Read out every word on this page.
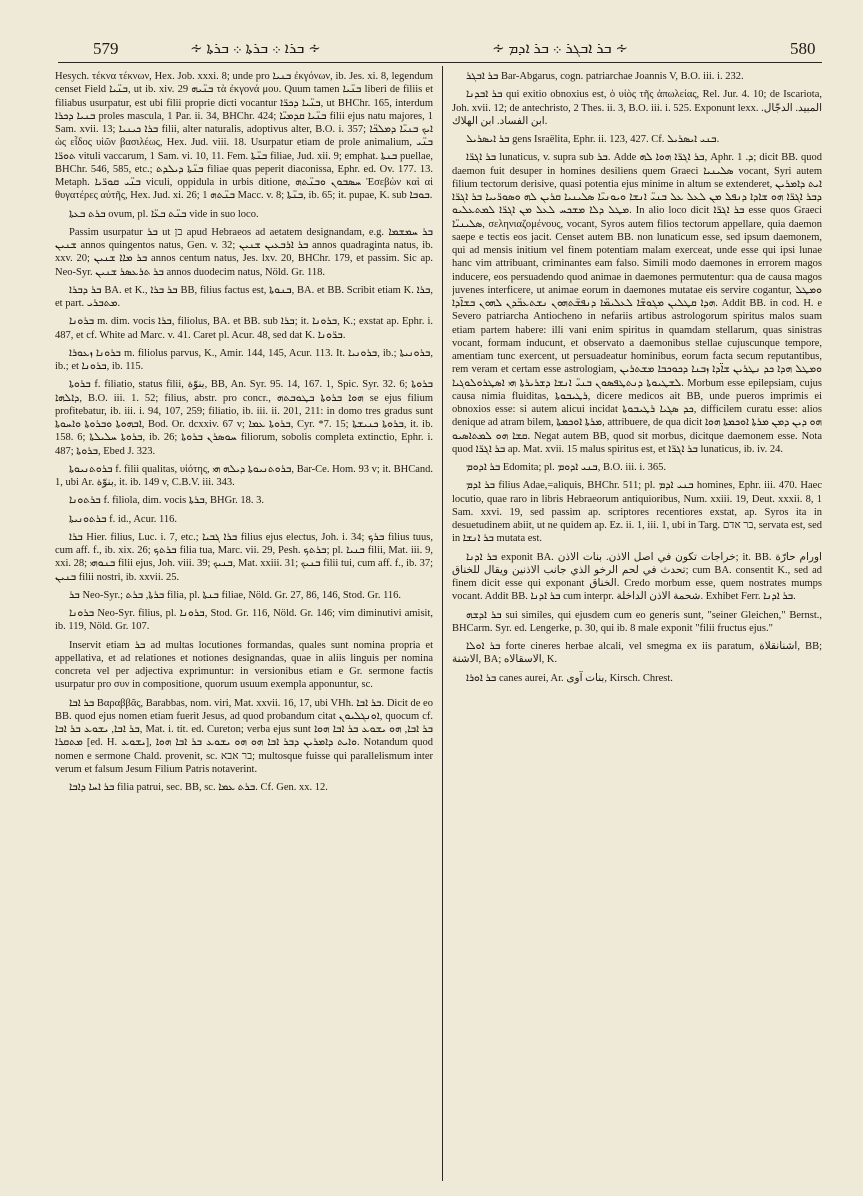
579	∻ ܒܪܐ ܀ ܒܪܬܐ ܀ ܒܪܬܐ ∻	∻ ܒܪ ܐܒܓܪ ܀ ܒܪ ܐܕܡ ∻	580

Hesych. τέκνα τέκνων, Hex. Job. xxxi. 8; unde pro ܒܢܝܐ ἐκγόνων, ib. Jes. xi. 8, legendum censet Field ܒܢ̈ܝܐ, ut ib. xiv. 29 ܒܢ̈ܝܗ τὰ ἐκγονά μου. Quum tamen ܒܢ̈ܝܐ liberi de filiis et filiabus usurpatur, est ubi filii proprie dicti vocantur ܒܢ̈ܝܐ ܕܟܪ̈ܐ, ut BHChr. 165, interdum ܒܢܝܐ ܕܟܪܐ proles mascula, 1 Par. ii. 34, BHChr. 424; ܒܢ̈ܝܐ ܩܕܡܝ̈ܐ filii ejus natu majores, 1 Sam. xvii. 13; ܒܪܐ ܟܝܢܝܐ filii, alter naturalis, adoptivus alter, B.O. i. 357; ܐܝܟ ܒܢܝ̈ܐ ܕܡܠܟ̈ܐ ὡς εἶδος υἱῶν βασιλέως, Hex. Jud. viii. 18. Usurpatur etiam de prole animalium, ܒܢ̈ܝ ܬܘܪ̈ܐ vituli vaccarum, 1 Sam. vi. 10, 11. Fem. ܒܢ̈ܬܐ filiae, Jud. xii. 9; emphat. ܒܢܬܐ puellae, BHChr. 546, 585, etc.; ܒܢ̈ܬܐ ܕܝܠܕܬ filiae quas peperit diaconissa, Ephr. ed. Ov. 177. 13. Metaph. ܒܢ̈ܝ ܩܘܪ̈ܝܐ viculi, oppidula in urbis ditione, ܚܣܒܘܢ ܘܒܢ̈ܬܗ Ἐσεβὼν καὶ αἱ θυγατέρες αὐτῆς, Hex. Jud. xi. 26; ܒܢ̈ܬܗ 1 Macc. v. 8; ܒܢ̈ܬܐ, ib. 65; it. pupae, K. sub ܒܘܒܐ.

ܒܪܬ ܒܥܬܐ ovum, pl. ܒܢ̈ܬ ܒܥ̈ܐ vide in suo loco.

Passim usurpatur ܒܪ ut בן apud Hebraeos ad aetatem designandam, e.g. ܒܪ ܚܡܫܡܐ ܫܢܝܢ annos quingentos natus, Gen. v. 32; ܒܪ ܐܪܒܥܝܢ ܫܢܝܢ annos quadraginta natus, ib. xxv. 20; ܒܪ ܡܐܐ ܫܢܝܢ annos centum natus, Jes. lxv. 20, BHChr. 179, et passim. Sic ap. Neo-Syr. ܒܪ ܬܪܥܣܪ ܫܢܝܢ annos duodecim natus, Nöld. Gr. 118.

ܒܪ ܕܒܪܐ BA. et K., ܒܪ ܒܪܐ BB, filius factus est, ܒܢܘܬܐ, BA. et BB. Scribit etiam K. ܒܪܐ, et part. ܡܬܒܪܝ.

ܒܪܘܢܐ m. dim. vocis ܒܪܐ, filiolus, BA. et BB. sub ܒܪܐ; it. ܒܪܘܢܐ, K.; exstat ap. Ephr. i. 487, et cf. White ad Marc. v. 41. Caret pl. Acur. 48, sed dat K. ܒܪ̈ܘܢܐ.

ܒܪܘܢܐ ܙܥܘܪܐ m. filiolus parvus, K., Amir. 144, 145, Acur. 113. It. ܒܪܘܢܝܐ, ib.; ܒܪܘܢܝܬܐ, ib.; et ܒܪܘܢܐ, ib. 115.

ܒܪܘܬܐ f. filiatio, status filii, بنوّة, BB, An. Syr. 95. 14, 167. 1, Spic. Syr. 32. 6; ܒܪܘܬܐ ܕܐܠܗܐ, B.O. iii. 1. 52; filius, abstr. pro concr., ܗܘܐ ܒܪܘܬܐ ܒܛܘܒܬܗ se ejus filium profitebatur, ib. iii. i. 94, 107, 259; filiatio, ib. iii. ii. 201, 211: in domo tres gradus sunt ܐܒܗܘܬܐ ܘܒܪܘܬܐ ܘܐܚܘܬܐ, Bod. Or. dcxxiv. 67 v; ܒܪܘܬܐ ܥܡܐ, Cyr. *7. 15; ܒܪܘܬܐ ܟܢܝܫܬܐ, it. ib. 158. 6; ܒܪܘܬܐ ܚܠܝܠܬܐ, ib. 26; ܚܘܣܪܢ ܒܪܘܬܐ filiorum, sobolis completa extinctio, Ephr. i. 487; ܒܪܘܬܐ, Ebed J. 323.

ܒܪܘܬܢܝܘܬܐ f. filii qualitas, υἱότης, ܒܪܘܬܢܝܘܬܐ ܕܝܠܗ ܗܝ, Bar-Ce. Hom. 93 v; it. BHCand. 1, ubi Ar. بنوّة, it. ib. 149 v, C.B.V. iii. 343.

ܒܪܬܘܢܐ f. filiola, dim. vocis ܒܪܬܐ, BHGr. 18. 3.

ܒܪܬܘܢܝܬܐ f. id., Acur. 116.

ܒܪܐ Hier. filius, Luc. i. 7, etc.; ܒܪܐ ܓܒܝܐ filius ejus electus, Joh. i. 34; ܒܪܟ filius tuus, cum aff. f., ib. xix. 26; ܒܪܬܟ filia tua, Marc. vii. 29, Pesh. ܒܪܬܟ; pl. ܒܢܝܐ filii, Mat. iii. 9, xxi. 28; ܒܢܘܗܝ filii ejus, Joh. viii. 39; ܒܢܝܟ, Mat. xxiii. 31; ܒܢܝܟ filii tui, cum aff. f., ib. 37; ܒܢܝܢ filii nostri, ib. xxvii. 25.

ܒܪ Neo-Syr.; ܒܪܬܐ, ܒܪܬ filia, pl. ܒܢܬܐ filiae, Nöld. Gr. 27, 86, 146, Stod. Gr. 116.

ܒܪܘܢܐ Neo-Syr. filius, pl. ܒܪܘܢܐ, Stod. Gr. 116, Nöld. Gr. 146; vim diminutivi amisit, ib. 119, Nöld. Gr. 107.

Inservit etiam ܒܪ ad multas locutiones formandas, quales sunt nomina propria et appellativa, et ad relationes et notiones designandas, quae in aliis linguis per nomina concreta vel per adjectiva exprimuntur: in versionibus etiam e Gr. sermone factis usurpatur pro συν in compositione, quorum usuum exempla apponuntur, sc.

ܒܪ ܐܒܐ Βαραββᾶς, Barabbas, nom. viri, Mat. xxvii. 16, 17, ubi VHh. ܒܪ ܐܒܐ. Dicit de eo BB. quod ejus nomen etiam fuerit Jesus, ad quod probandum citat ܐܘܢܓܠܝܘܢ, quocum cf. ܒܪ ܐܒܐ, ܝܫܘܥ ܒܪ ܐܒܐ, Mat. i. tit. ed. Cureton; verba ejus sunt ܒܪ ܐܒܐ, ܗܘ ܝܫܘܥ ܒܪ ܐܒܐ ܗܘܐ ܡܬܩܪܐ [ed. H. ܝܫܘܥ], ܘܐܝܬ ܕܐܡܪܝܢ ܕܒܪ ܐܒܐ ܗܘ ܗܘ ܝܫܘܥ ܒܪ ܐܒܐ ܗܘܐ. Notandum quod nomen e sermone Chald. provenit, sc. בר אבא; multosque fuisse qui parallelismum inter verum et falsum Jesum Filium Patris notaverint.

ܒܪ ܐܚܐ ܕܐܒܐ filia patrui, sec. BB, sc. ܒܪܬ ܥܡܐ. Cf. Gen. xx. 12.

ܒܪ ܐܒܓܪ Bar-Abgarus, cogn. patriarchae Joannis V, B.O. iii. i. 232.

ܒܪ ܐܒܕܢܐ qui exitio obnoxius est, ὁ υἱὸς τῆς ἀπωλείας, Rel. Jur. 4. 10; de Iscariota, Joh. xvii. 12; de antechristo, 2 Thes. ii. 3, B.O. iii. i. 525. Exponunt lexx. المبيد. الدجّال. ابن الفساد. ابن الهلاك.

ܒܪ ܐܝܣܪܝܠ gens Israëlita, Ephr. ii. 123, 427. Cf. ܒܢܝ ܐܝܣܪܝܠ.

ܒܪ ܐܓܪ̈ܐ lunaticus, v. supra sub ܒܪ. Adde ܒܪ ܐܓܪ̈ܐ ܗܘܐ ܠܗ, Aphr. ܕ. 1; dicit BB. quod daemon fuit desuper in homines desiliens quem Graeci ܣܠܝܢܝܐ vocant, Syri autem filium tectorum derisive, quasi potentia ejus minime in altum se extenderet, ܐܝܬ ܕܐܡܪܝܢ ܕܒܪ ܐܓܪ̈ܐ ܗܘ ܫܐܕܐ ܕܢܦܠ ܡܢ ܠܥܠ ܥܠ ܒܢܝ̈ ܐܢܫܐ ܘܝܘܢܝ̈ܐ ܣܠܝܢܝܐ ܩܪܝܢ ܠܗ ܘܣܘܪ̈ܝܝܐ ܒܪ ܐܓܪ̈ܐ ܡܛܠ ܕܠܐ ܡܫܟܚ ܠܥܠ ܡܢ ܐܓܪ̈ܐ ܠܡܬܥܠܝܘ. In alio loco dicit ܒܪ ܐܓܪ̈ܐ esse quos Graeci ܣܠܝܢܝ̈ܐ, σεληνιαζομένους, vocant, Syros autem filios tectorum appellare, quia daemon saepe e tectis eos jacit. Censet autem BB. non lunaticum esse, sed ipsum daemonem, qui ad mensis initium vel finem potentiam malam exerceat, unde esse qui ipsi lunae hanc vim attribuant, criminantes eam falso. Simili modo daemones in errorem magos inducere, eos persuadendo quod animae in daemones permutentur: qua de causa magos juvenes interficere, ut animae eorum in daemones mutatae eis servire cogantur, ܘܡܛܠ ܗܕܐ ܩܛܠܝܢ ܡܓܘܫ̈ܐ ܠܥܠܝܡ̈ܐ ܕܢܦܫ̈ܬܗܘܢ ܢܫܬܥܒ̈ܕܢ ܠܗܘܢ ܒܫܐ̈ܕܐ. Addit BB. in cod. H. e Severo patriarcha Antiocheno in nefariis artibus astrologorum spiritus malos suam etiam partem habere: illi vani enim spiritus in quamdam stellarum, quas sinistras vocant, formam inducunt, et observato a daemonibus stellae cujuscunque tempore, amentiam tunc exercent, ut persuadeatur hominibus, eorum facta secum reputantibus, rem veram et certam esse astrologiam, ܘܡܛܠ ܗܕܐ ܟܕ ܢܛܪܝܢ ܫܐ̈ܕܐ ܙܒܢܐ ܕܟܘܟܒܐ ܡܫܬܪܝܢ ܠܫܛܝܘܬܐ ܕܢܬܛܦܣܘܢ ܒܢܝ̈ ܐܢܫܐ ܕܫܪܝܪܬܐ ܗܝ ܐܣܛܪܘܠܘܓܝܐ. Morbum esse epilepsiam, cujus causa nimia fluiditas, ܪܛܝܒܘܬܐ, dicere medicos ait BB, unde pueros imprimis ei obnoxios esse: si autem alicui incidat ܟܕ ܣܓܝܐ ܪܛܝܒܘܬܐ, difficilem curatu esse: alios denique ad atram bilem, ܡܪܬܐ ܐܘܟܡܬܐ, attribuere, de qua dicit ܗܘ ܕܝܢ ܕܡܢ ܡܪܬܐ ܐܘܟܡܬܐ ܗܘܐ ܩܫܐ ܗܘ ܠܡܬܐܣܝܘ. Negat autem BB, quod sit morbus, dicitque daemonem esse. Nota quod ܒܪ ܐܓܪ̈ܐ ap. Mat. xvii. 15 malus spiritus est, et ܒܪ ܐܓܪ̈ܐ lunaticus, ib. iv. 24.

ܒܪ ܐܕܘܡ Edomita; pl. ܒܢܝ ܐܕܘܡ, B.O. iii. i. 365.

ܒܪ ܐܕܡ filius Adae,=aliquis, BHChr. 511; pl. ܒܢܝ ܐܕܡ homines, Ephr. iii. 470. Haec locutio, quae raro in libris Hebraeorum antiquioribus, Num. xxiii. 19, Deut. xxxii. 8, 1 Sam. xxvi. 19, sed passim ap. scriptores recentiores exstat, ap. Syros ita in desuetudinem abiit, ut ne quidem ap. Ez. ii. 1, iii. 1, ubi in Targ. בר אדם, servata est, sed in ܒܪ ܐܢܫܐ mutata est.

ܒܪ ܐܕܢܐ exponit BA. خراجات تكون في اصل الاذن. بنات الاذن; it. BB. اورام حارّة تحدث في لحم الرخو الذي جانب الاذنين ويقال للخناق; cum BA. consentit K., sed ad finem dicit esse qui exponant الخناق. Credo morbum esse, quem nostrates mumps vocant. Addit BB. ܒܪ ܐܕܢܐ cum interpr. شحمة الاذن الداخلة. Exhibet Ferr. ܒܪ ܐܕܢܐ.

ܒܪ ܐܕܫܗ sui similes, qui ejusdem cum eo generis sunt, "seiner Gleichen," Bernst., BHCarm. Syr. ed. Lengerke, p. 30, qui ib. 8 male exponit "filii fructus ejus."

ܒܪ ܐܘܠܐ forte cineres herbae alcali, vel smegma ex iis paratum, اشنانقلاة, BB; الاشنة, BA; الاسقالاه, K.

ܒܪ ܐܘܪܐ canes aurei, Ar. بنات آوى, Kirsch. Chrest.
